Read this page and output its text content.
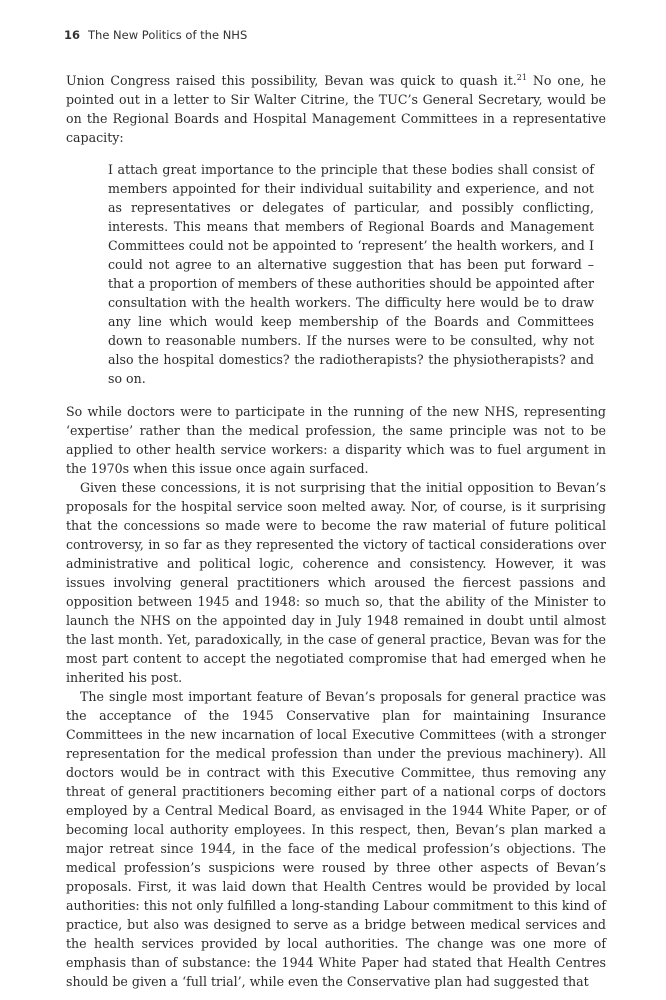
16 The New Politics of the NHS

Union Congress raised this possibility, Bevan was quick to quash it.$^{21}$ No one, he pointed out in a letter to Sir Walter Citrine, the TUC’s General Secretary, would be on the Regional Boards and Hospital Management Committees in a representative capacity:

I attach great importance to the principle that these bodies shall consist of members appointed for their individual suitability and experience, and not as representatives or delegates of particular, and possibly conflicting, interests. This means that members of Regional Boards and Management Committees could not be appointed to ‘represent’ the health workers, and I could not agree to an alternative suggestion that has been put forward – that a proportion of members of these authorities should be appointed after consultation with the health workers. The difficulty here would be to draw any line which would keep membership of the Boards and Committees down to reasonable numbers. If the nurses were to be consulted, why not also the hospital domestics? the radiotherapists? the physiotherapists? and so on.

So while doctors were to participate in the running of the new NHS, representing ‘expertise’ rather than the medical profession, the same principle was not to be applied to other health service workers: a disparity which was to fuel argument in the 1970s when this issue once again surfaced.

Given these concessions, it is not surprising that the initial opposition to Bevan’s proposals for the hospital service soon melted away. Nor, of course, is it surprising that the concessions so made were to become the raw material of future political controversy, in so far as they represented the victory of tactical considerations over administrative and political logic, coherence and consistency. However, it was issues involving general practitioners which aroused the fiercest passions and opposition between 1945 and 1948: so much so, that the ability of the Minister to launch the NHS on the appointed day in July 1948 remained in doubt until almost the last month. Yet, paradoxically, in the case of general practice, Bevan was for the most part content to accept the negotiated compromise that had emerged when he inherited his post.

The single most important feature of Bevan’s proposals for general practice was the acceptance of the 1945 Conservative plan for maintaining Insurance Committees in the new incarnation of local Executive Committees (with a stronger representation for the medical profession than under the previous machinery). All doctors would be in contract with this Executive Committee, thus removing any threat of general practitioners becoming either part of a national corps of doctors employed by a Central Medical Board, as envisaged in the 1944 White Paper, or of becoming local authority employees. In this respect, then, Bevan’s plan marked a major retreat since 1944, in the face of the medical profession’s objections. The medical profession’s suspicions were roused by three other aspects of Bevan’s proposals. First, it was laid down that Health Centres would be provided by local authorities: this not only fulfilled a long-standing Labour commitment to this kind of practice, but also was designed to serve as a bridge between medical services and the health services provided by local authorities. The change was one more of emphasis than of substance: the 1944 White Paper had stated that Health Centres should be given a ‘full trial’, while even the Conservative plan had suggested that
